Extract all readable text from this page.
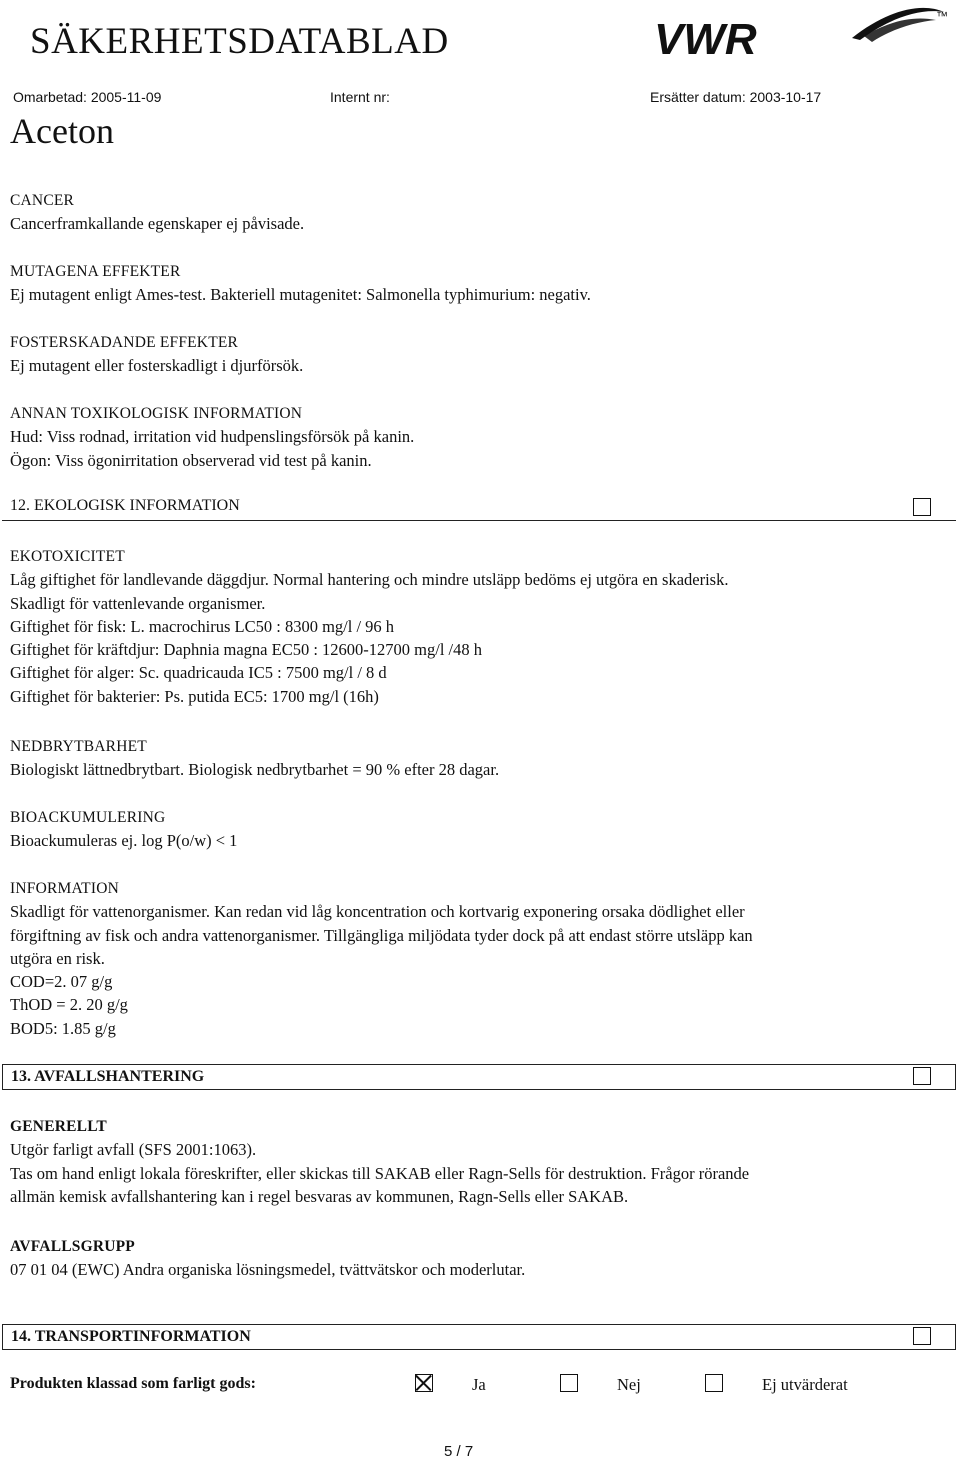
SÄKERHETSDATABLAD	VWR	™
Omarbetad: 2005-11-09	Internt nr:	Ersätter datum: 2003-10-17
Aceton
CANCER
Cancerframkallande egenskaper ej påvisade.
MUTAGENA EFFEKTER
Ej mutagent enligt Ames-test. Bakteriell mutagenitet: Salmonella typhimurium: negativ.
FOSTERSKADANDE EFFEKTER
Ej mutagent eller fosterskadligt i djurförsök.
ANNAN TOXIKOLOGISK INFORMATION
Hud: Viss rodnad, irritation vid hudpenslingsförsök på kanin.
Ögon: Viss ögonirritation observerad vid test på kanin.
12. EKOLOGISK INFORMATION
EKOTOXICITET
Låg giftighet för landlevande däggdjur. Normal hantering och mindre utsläpp bedöms ej utgöra en skaderisk.
Skadligt för vattenlevande organismer.
Giftighet för fisk: L. macrochirus LC50 : 8300 mg/l / 96 h
Giftighet för kräftdjur: Daphnia magna EC50 : 12600-12700 mg/l /48 h
Giftighet för alger: Sc. quadricauda IC5 : 7500 mg/l / 8 d
Giftighet för bakterier: Ps. putida EC5: 1700 mg/l (16h)
NEDBRYTBARHET
Biologiskt lättnedbrytbart. Biologisk nedbrytbarhet = 90 % efter 28 dagar.
BIOACKUMULERING
Bioackumuleras ej. log P(o/w) < 1
INFORMATION
Skadligt för vattenorganismer. Kan redan vid låg koncentration och kortvarig exponering orsaka dödlighet eller
förgiftning av fisk och andra vattenorganismer. Tillgängliga miljödata tyder dock på att endast större utsläpp kan
utgöra en risk.
COD=2. 07 g/g
ThOD = 2. 20 g/g
BOD5: 1.85 g/g
13. AVFALLSHANTERING
GENERELLT
Utgör farligt avfall (SFS 2001:1063).
Tas om hand enligt lokala föreskrifter, eller skickas till SAKAB eller Ragn-Sells för destruktion. Frågor rörande
allmän kemisk avfallshantering kan i regel besvaras av kommunen, Ragn-Sells eller SAKAB.
AVFALLSGRUPP
07 01 04 (EWC) Andra organiska lösningsmedel, tvättvätskor och moderlutar.
14. TRANSPORTINFORMATION
Produkten klassad som farligt gods:	Ja	Nej	Ej utvärderat
5 / 7
